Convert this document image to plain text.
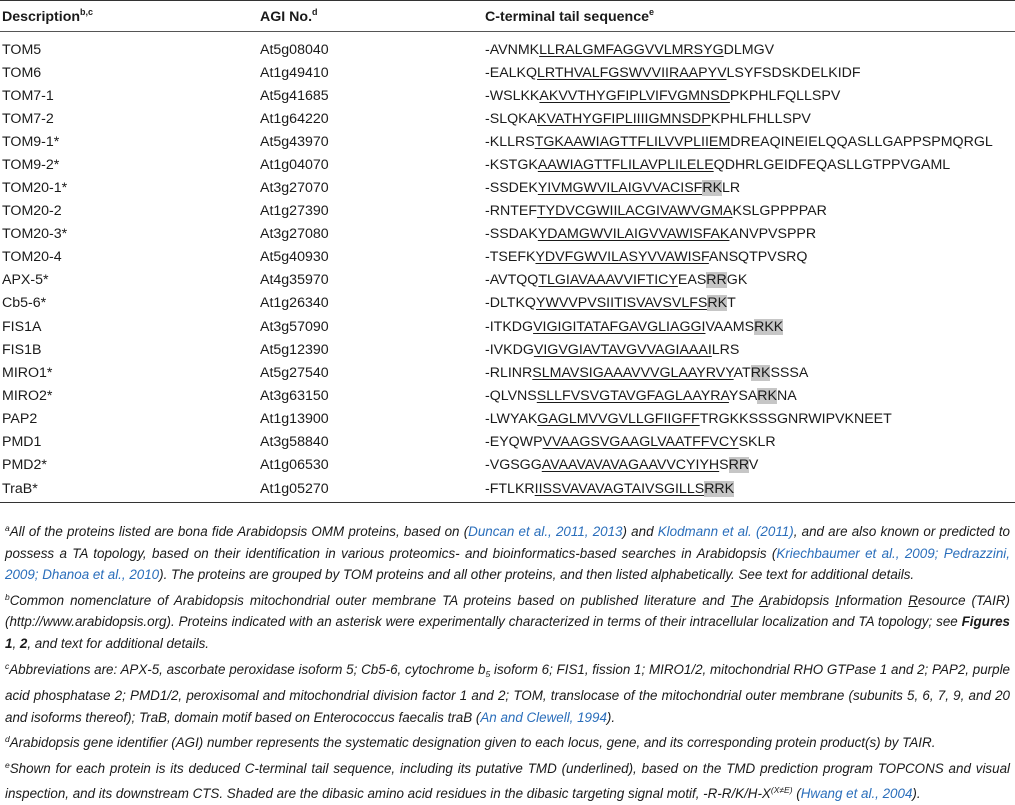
Description$^{b,c}$	AGI No.$^d$	C-terminal tail sequence$^e$
TOM5	At5g08040	-AVNMKLLRALGMFAGGVVLMRSYGDLMGV
TOM6	At1g49410	-EALKQLRTHVALFGSWVVIIRAAPYVLSYFSDSKDELKIDF
TOM7-1	At5g41685	-WSLKKAKVVTHYGFIPLVIFVGMNSDPKPHLFQLLSPV
TOM7-2	At1g64220	-SLQKAKVATHYGFIPLIIIIGMNSDPKPHLFHLLSPV
TOM9-1*	At5g43970	-KLLRSTGKAAWIAGTTFLILVVPLIIEMDREAQINEIELQQASLLGAPPSPMQRGL
TOM9-2*	At1g04070	-KSTGKAAWIAGTTFLILAVPLILELEQDHRLGEIDFEQASLLGTPPVGAML
TOM20-1*	At3g27070	-SSDEKYIVMGWVILAIGVVACISFRKLR
TOM20-2	At1g27390	-RNTEFTYDVCGWIILACGIVAWVGMAKSLGPPPPAR
TOM20-3*	At3g27080	-SSDAKYDAMGWVILAIGVVAWISFAKANVPVSPPR
TOM20-4	At5g40930	-TSEFKYDVFGWVILASYVVAWISFANSQTPVSRQ
APX-5*	At4g35970	-AVTQQTLGIAVAAAVVIFTICYEASRRGK
Cb5-6*	At1g26340	-DLTKQYWVVPVSIITISVAVSVLFSRKT
FIS1A	At3g57090	-ITKDGVIGIGITATAFGAVGLIAGGIVAAMSRKK
FIS1B	At5g12390	-IVKDGVIGVGIAVTAVGVVAGIAAAILRS
MIRO1*	At5g27540	-RLINRSLMAVSIGAAAVVVGLAAYRVYATRKSSSA
MIRO2*	At3g63150	-QLVNSSLLFVSVGTAVGFAGLAAYRAYSARKNA
PAP2	At1g13900	-LWYAKGAGLMVVGVLLGFIIGFFTRGKKSSSGNRWIPVKNEET
PMD1	At3g58840	-EYQWPVVAAGSVGAAGLVAATFFVCYSKLR
PMD2*	At1g06530	-VGSGGAVAAVAVAVAGAAVVCYIYHSRRV
TraB*	At1g05270	-FTLKRIISSVAVAVAGTAIVSGILLSRRK

$^a$All of the proteins listed are bona fide Arabidopsis OMM proteins, based on (Duncan et al., 2011, 2013) and Klodmann et al. (2011), and are also known or predicted to possess a TA topology, based on their identification in various proteomics- and bioinformatics-based searches in Arabidopsis (Kriechbaumer et al., 2009; Pedrazzini, 2009; Dhanoa et al., 2010). The proteins are grouped by TOM proteins and all other proteins, and then listed alphabetically. See text for additional details.

$^b$Common nomenclature of Arabidopsis mitochondrial outer membrane TA proteins based on published literature and The Arabidopsis Information Resource (TAIR) (http://www.arabidopsis.org). Proteins indicated with an asterisk were experimentally characterized in terms of their intracellular localization and TA topology; see Figures 1, 2, and text for additional details.

$^c$Abbreviations are: APX-5, ascorbate peroxidase isoform 5; Cb5-6, cytochrome $b_5$ isoform 6; FIS1, fission 1; MIRO1/2, mitochondrial RHO GTPase 1 and 2; PAP2, purple acid phosphatase 2; PMD1/2, peroxisomal and mitochondrial division factor 1 and 2; TOM, translocase of the mitochondrial outer membrane (subunits 5, 6, 7, 9, and 20 and isoforms thereof); TraB, domain motif based on Enterococcus faecalis traB (An and Clewell, 1994).

$^d$Arabidopsis gene identifier (AGI) number represents the systematic designation given to each locus, gene, and its corresponding protein product(s) by TAIR.

$^e$Shown for each protein is its deduced C-terminal tail sequence, including its putative TMD (underlined), based on the TMD prediction program TOPCONS and visual inspection, and its downstream CTS. Shaded are the dibasic amino acid residues in the dibasic targeting signal motif, $-R-R/K/H-X^{(X\ne E)}$ (Hwang et al., 2004).
